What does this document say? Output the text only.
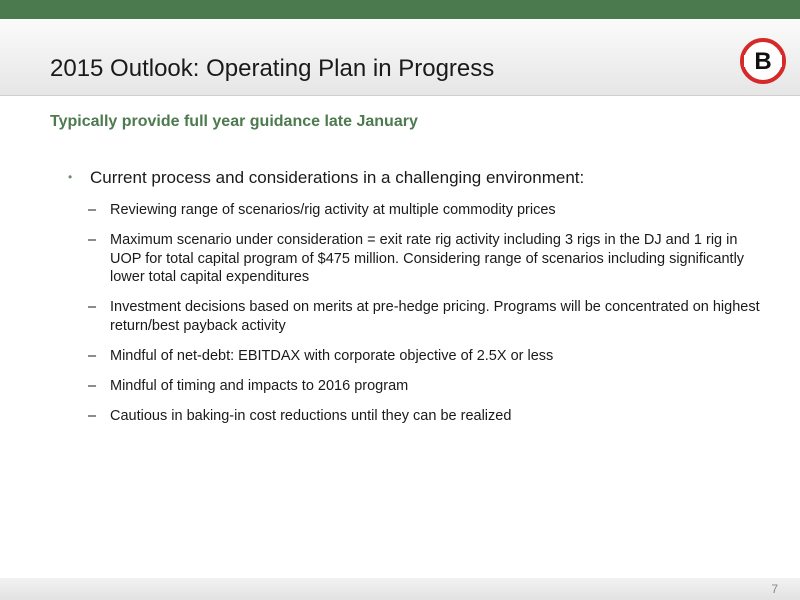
2015 Outlook: Operating Plan in Progress	B
Typically provide full year guidance late January
• Current process and considerations in a challenging environment:
– Reviewing range of scenarios/rig activity at multiple commodity prices
– Maximum scenario under consideration = exit rate rig activity including 3 rigs in the DJ and 1 rig in UOP for total capital program of $475 million. Considering range of scenarios including significantly lower total capital expenditures
– Investment decisions based on merits at pre-hedge pricing. Programs will be concentrated on highest return/best payback activity
– Mindful of net-debt: EBITDAX with corporate objective of 2.5X or less
– Mindful of timing and impacts to 2016 program
– Cautious in baking-in cost reductions until they can be realized
7
